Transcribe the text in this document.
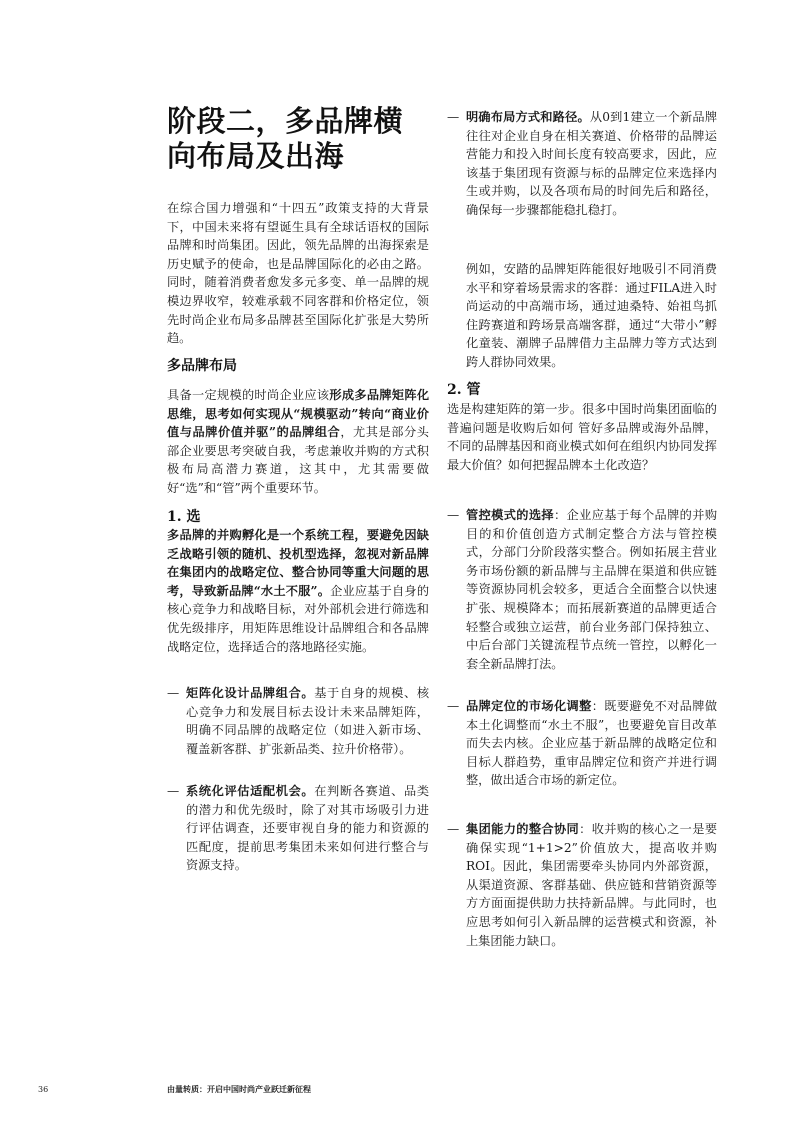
阶段二，多品牌横向布局及出海

在综合国力增强和“十四五”政策支持的大背景下，中国未来将有望诞生具有全球话语权的国际品牌和时尚集团。因此，领先品牌的出海探索是历史赋予的使命，也是品牌国际化的必由之路。同时，随着消费者愈发多元多变、单一品牌的规模边界收窄，较难承载不同客群和价格定位，领先时尚企业布局多品牌甚至国际化扩张是大势所趋。

多品牌布局

具备一定规模的时尚企业应该形成多品牌矩阵化思维，思考如何实现从“规模驱动”转向“商业价值与品牌价值并驱”的品牌组合，尤其是部分头部企业要思考突破自我，考虑兼收并购的方式积极布局高潜力赛道，这其中，尤其需要做好“选”和“管”两个重要环节。

1. 选

多品牌的并购孵化是一个系统工程，要避免因缺乏战略引领的随机、投机型选择，忽视对新品牌在集团内的战略定位、整合协同等重大问题的思考，导致新品牌“水土不服”。企业应基于自身的核心竞争力和战略目标，对外部机会进行筛选和优先级排序，用矩阵思维设计品牌组合和各品牌战略定位，选择适合的落地路径实施。

— 矩阵化设计品牌组合。基于自身的规模、核心竞争力和发展目标去设计未来品牌矩阵，明确不同品牌的战略定位（如进入新市场、覆盖新客群、扩张新品类、拉升价格带）。

— 系统化评估适配机会。在判断各赛道、品类的潜力和优先级时，除了对其市场吸引力进行评估调查，还要审视自身的能力和资源的匹配度，提前思考集团未来如何进行整合与资源支持。

— 明确布局方式和路径。从0到1建立一个新品牌往往对企业自身在相关赛道、价格带的品牌运营能力和投入时间长度有较高要求，因此，应该基于集团现有资源与标的品牌定位来选择内生或并购，以及各项布局的时间先后和路径，确保每一步骤都能稳扎稳打。

例如，安踏的品牌矩阵能很好地吸引不同消费水平和穿着场景需求的客群：通过FILA进入时尚运动的中高端市场，通过迪桑特、始祖鸟抓住跨赛道和跨场景高端客群，通过“大带小”孵化童装、潮牌子品牌借力主品牌力等方式达到跨人群协同效果。

2. 管

选是构建矩阵的第一步。很多中国时尚集团面临的普遍问题是收购后如何 管好多品牌或海外品牌，不同的品牌基因和商业模式如何在组织内协同发挥最大价值？如何把握品牌本土化改造？

— 管控模式的选择：企业应基于每个品牌的并购目的和价值创造方式制定整合方法与管控模式，分部门分阶段落实整合。例如拓展主营业务市场份额的新品牌与主品牌在渠道和供应链等资源协同机会较多，更适合全面整合以快速扩张、规模降本；而拓展新赛道的品牌更适合轻整合或独立运营，前台业务部门保持独立、中后台部门关键流程节点统一管控，以孵化一套全新品牌打法。

— 品牌定位的市场化调整：既要避免不对品牌做本土化调整而“水土不服”，也要避免盲目改革而失去内核。企业应基于新品牌的战略定位和目标人群趋势，重审品牌定位和资产并进行调整，做出适合市场的新定位。

— 集团能力的整合协同：收并购的核心之一是要确保实现“1+1>2”价值放大，提高收并购ROI。因此，集团需要牵头协同内外部资源，从渠道资源、客群基础、供应链和营销资源等方方面面提供助力扶持新品牌。与此同时，也应思考如何引入新品牌的运营模式和资源，补上集团能力缺口。

36	由量转质：开启中国时尚产业跃迁新征程
